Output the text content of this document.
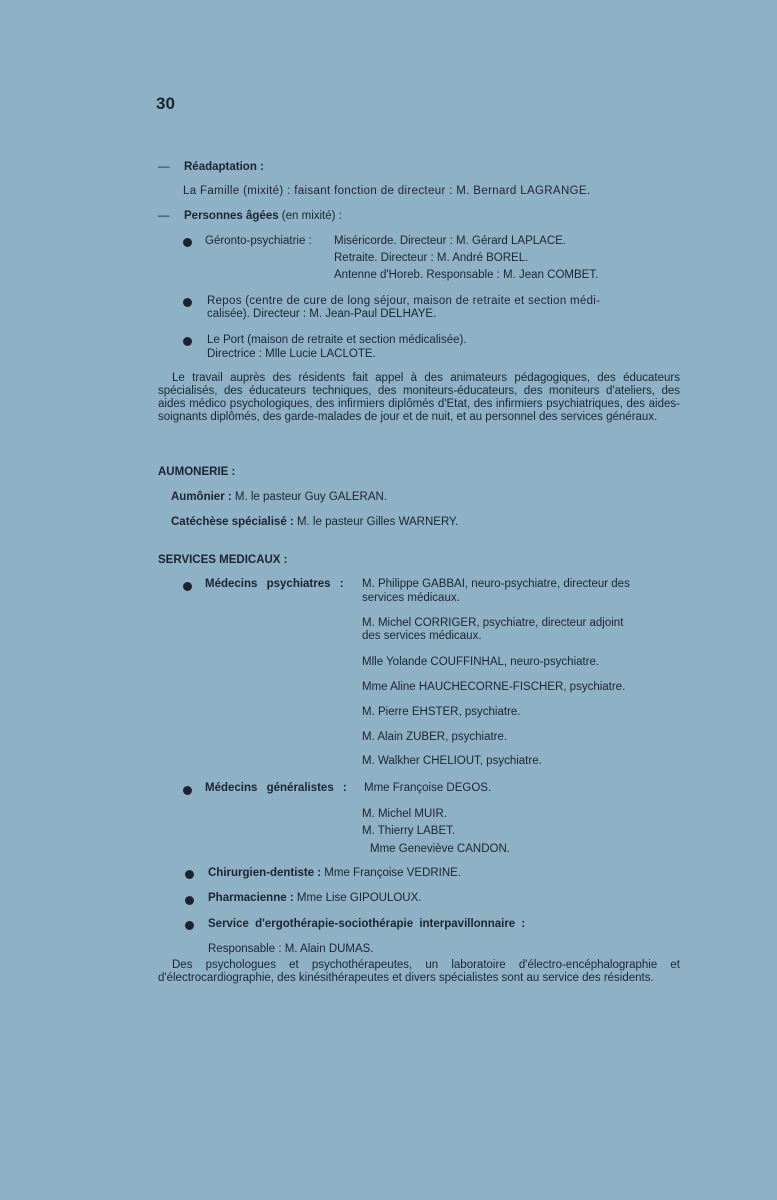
30
— Réadaptation :
La Famille (mixité) : faisant fonction de directeur : M. Bernard LAGRANGE.
— Personnes âgées (en mixité) :
Géronto-psychiatrie : Miséricorde. Directeur : M. Gérard LAPLACE.
Retraite. Directeur : M. André BOREL.
Antenne d'Horeb. Responsable : M. Jean COMBET.
Repos (centre de cure de long séjour, maison de retraite et section médi-
calisée). Directeur : M. Jean-Paul DELHAYE.
Le Port (maison de retraite et section médicalisée).
Directrice : Mlle Lucie LACLOTE.
Le travail auprès des résidents fait appel à des animateurs pédagogiques, des éducateurs spécialisés, des éducateurs techniques, des moniteurs-éducateurs, des moniteurs d'ateliers, des aides médico psychologiques, des infirmiers diplômés d'Etat, des infirmiers psychiatriques, des aides-soignants diplômés, des garde-malades de jour et de nuit, et au personnel des services généraux.
AUMONERIE :
Aumônier : M. le pasteur Guy GALERAN.
Catéchèse spécialisé : M. le pasteur Gilles WARNERY.
SERVICES MEDICAUX :
Médecins psychiatres : M. Philippe GABBAI, neuro-psychiatre, directeur des
services médicaux.
M. Michel CORRIGER, psychiatre, directeur adjoint
des services médicaux.
Mlle Yolande COUFFINHAL, neuro-psychiatre.
Mme Aline HAUCHECORNE-FISCHER, psychiatre.
M. Pierre EHSTER, psychiatre.
M. Alain ZUBER, psychiatre.
M. Walkher CHELIOUT, psychiatre.
Médecins généralistes : Mme Françoise DEGOS.
M. Michel MUIR.
M. Thierry LABET.
Mme Geneviève CANDON.
Chirurgien-dentiste : Mme Françoise VEDRINE.
Pharmacienne : Mme Lise GIPOULOUX.
Service d'ergothérapie-sociothérapie interpavillonnaire :
Responsable : M. Alain DUMAS.
Des psychologues et psychothérapeutes, un laboratoire d'électro-encéphalographie et d'électrocardiographie, des kinésithérapeutes et divers spécialistes sont au service des résidents.
